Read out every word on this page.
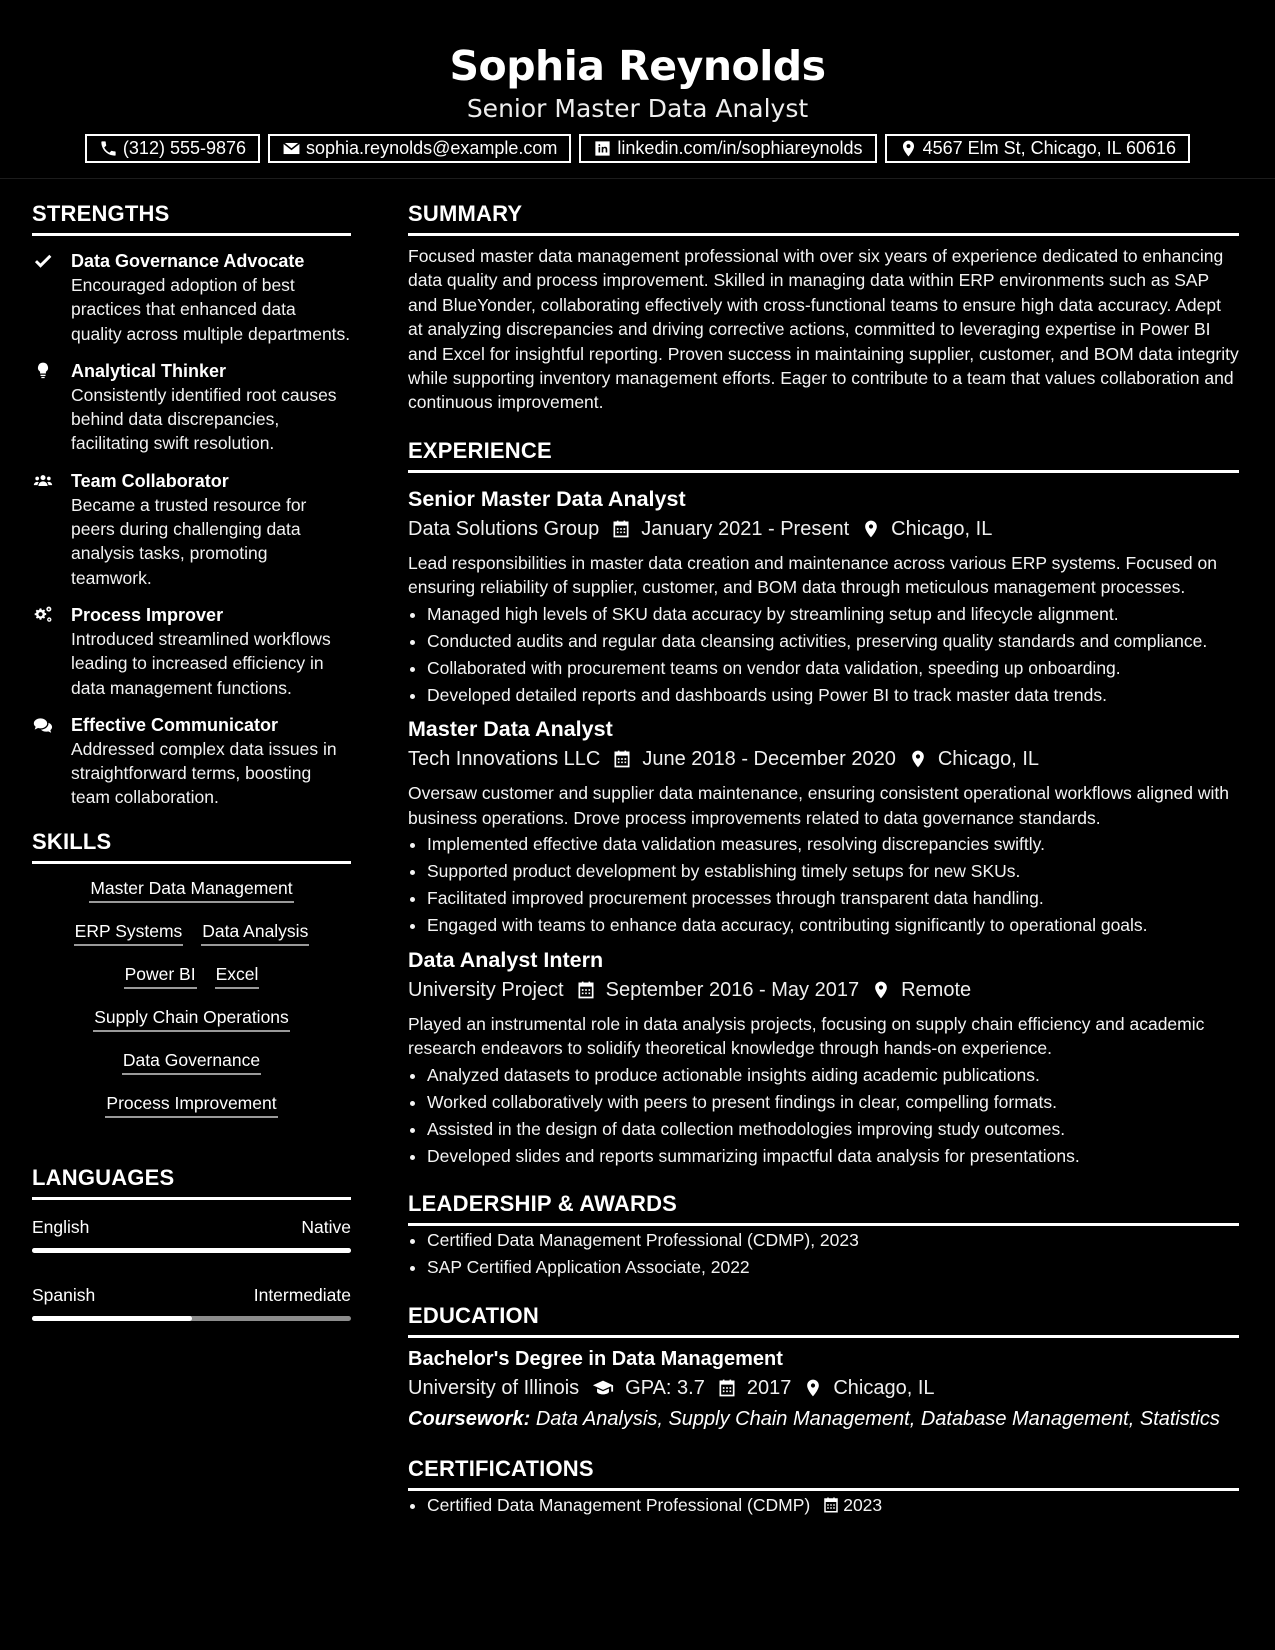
Sophia Reynolds
Senior Master Data Analyst
(312) 555-9876	sophia.reynolds@example.com	linkedin.com/in/sophiareynolds	4567 Elm St, Chicago, IL 60616
STRENGTHS
Data Governance Advocate
Encouraged adoption of best practices that enhanced data quality across multiple departments.
Analytical Thinker
Consistently identified root causes behind data discrepancies, facilitating swift resolution.
Team Collaborator
Became a trusted resource for peers during challenging data analysis tasks, promoting teamwork.
Process Improver
Introduced streamlined workflows leading to increased efficiency in data management functions.
Effective Communicator
Addressed complex data issues in straightforward terms, boosting team collaboration.
SKILLS
Master Data Management
ERP Systems Data Analysis
Power BI Excel
Supply Chain Operations
Data Governance
Process Improvement
LANGUAGES
English	Native
Spanish	Intermediate
SUMMARY
Focused master data management professional with over six years of experience dedicated to enhancing data quality and process improvement. Skilled in managing data within ERP environments such as SAP and BlueYonder, collaborating effectively with cross-functional teams to ensure high data accuracy. Adept at analyzing discrepancies and driving corrective actions, committed to leveraging expertise in Power BI and Excel for insightful reporting. Proven success in maintaining supplier, customer, and BOM data integrity while supporting inventory management efforts. Eager to contribute to a team that values collaboration and continuous improvement.
EXPERIENCE
Senior Master Data Analyst
Data Solutions Group January 2021 - Present Chicago, IL
Lead responsibilities in master data creation and maintenance across various ERP systems. Focused on ensuring reliability of supplier, customer, and BOM data through meticulous management processes.
• Managed high levels of SKU data accuracy by streamlining setup and lifecycle alignment.
• Conducted audits and regular data cleansing activities, preserving quality standards and compliance.
• Collaborated with procurement teams on vendor data validation, speeding up onboarding.
• Developed detailed reports and dashboards using Power BI to track master data trends.
Master Data Analyst
Tech Innovations LLC June 2018 - December 2020 Chicago, IL
Oversaw customer and supplier data maintenance, ensuring consistent operational workflows aligned with business operations. Drove process improvements related to data governance standards.
• Implemented effective data validation measures, resolving discrepancies swiftly.
• Supported product development by establishing timely setups for new SKUs.
• Facilitated improved procurement processes through transparent data handling.
• Engaged with teams to enhance data accuracy, contributing significantly to operational goals.
Data Analyst Intern
University Project September 2016 - May 2017 Remote
Played an instrumental role in data analysis projects, focusing on supply chain efficiency and academic research endeavors to solidify theoretical knowledge through hands-on experience.
• Analyzed datasets to produce actionable insights aiding academic publications.
• Worked collaboratively with peers to present findings in clear, compelling formats.
• Assisted in the design of data collection methodologies improving study outcomes.
• Developed slides and reports summarizing impactful data analysis for presentations.
LEADERSHIP & AWARDS
• Certified Data Management Professional (CDMP), 2023
• SAP Certified Application Associate, 2022
EDUCATION
Bachelor's Degree in Data Management
University of Illinois GPA: 3.7 2017 Chicago, IL
Coursework: Data Analysis, Supply Chain Management, Database Management, Statistics
CERTIFICATIONS
• Certified Data Management Professional (CDMP) 2023
